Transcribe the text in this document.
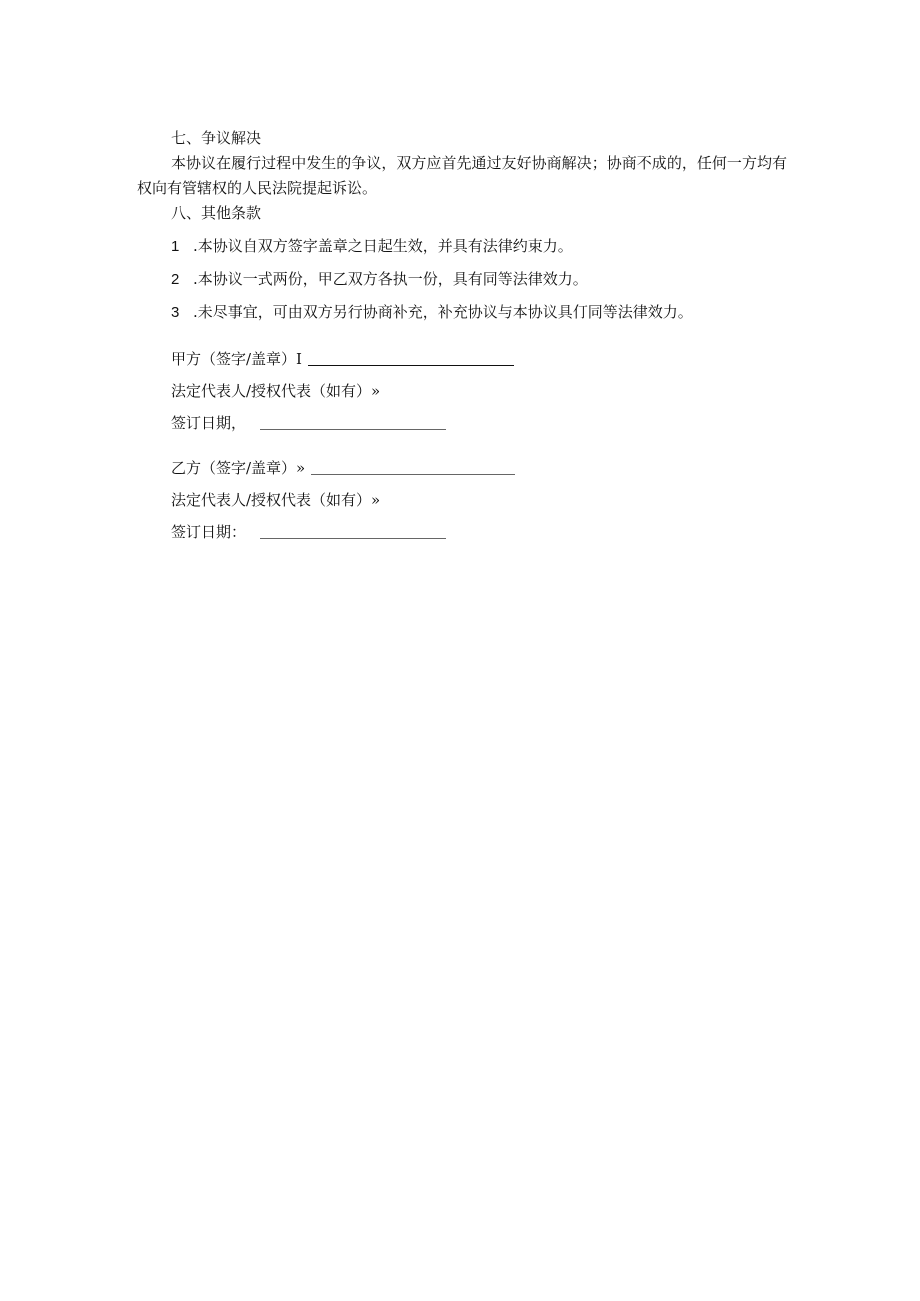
七、争议解决
本协议在履行过程中发生的争议，双方应首先通过友好协商解决；协商不成的，任何一方均有权向有管辖权的人民法院提起诉讼。
八、其他条款
1 .本协议自双方签字盖章之日起生效，并具有法律约束力。
2 .本协议一式两份，甲乙双方各执一份，具有同等法律效力。
3 .未尽事宜，可由双方另行协商补充，补充协议与本协议具仃同等法律效力。
甲方（签字/盖章）I
法定代表人/授权代表（如有）»
签订日期，
乙方（签字/盖章）»
法定代表人/授权代表（如有）»
签订日期：
